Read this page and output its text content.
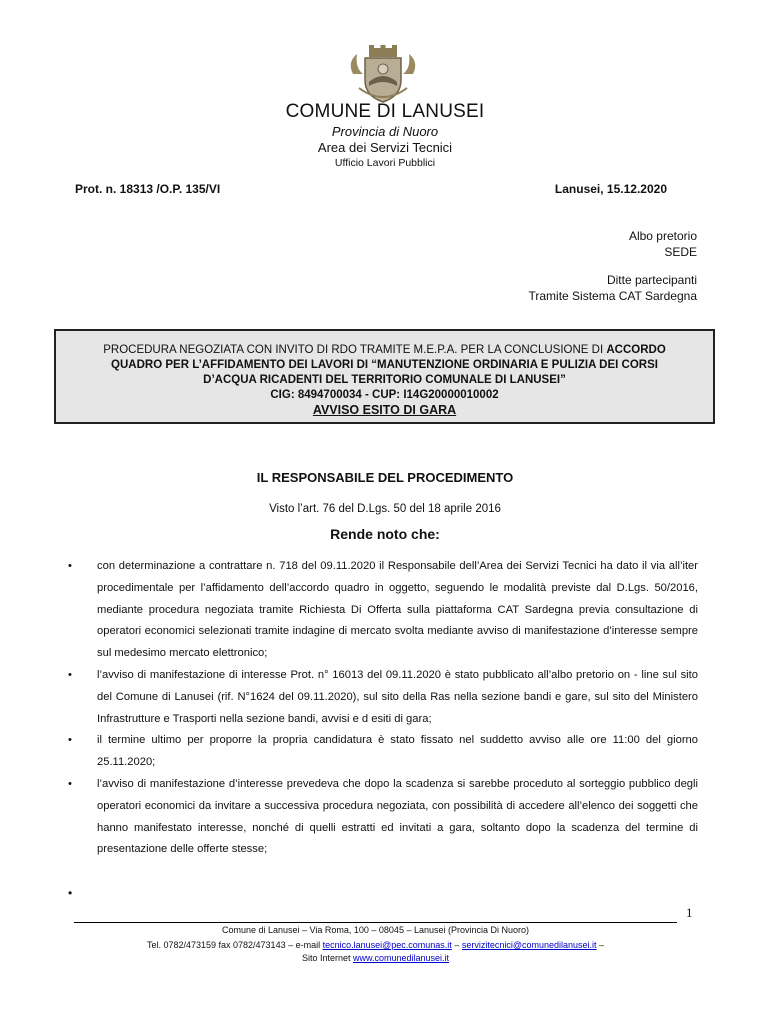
COMUNE DI LANUSEI
Provincia di Nuoro
Area dei Servizi Tecnici
Ufficio Lavori Pubblici
Prot. n. 18313 /O.P. 135/VI	Lanusei, 15.12.2020
Albo pretorio
SEDE
Ditte partecipanti
Tramite Sistema CAT Sardegna
PROCEDURA NEGOZIATA CON INVITO DI RDO TRAMITE M.E.P.A. PER LA CONCLUSIONE DI ACCORDO
QUADRO PER L’AFFIDAMENTO DEI LAVORI DI “MANUTENZIONE ORDINARIA E PULIZIA DEI CORSI
D’ACQUA RICADENTI DEL TERRITORIO COMUNALE DI LANUSEI”
CIG: 8494700034 - CUP: I14G20000010002
AVVISO ESITO DI GARA
IL RESPONSABILE DEL PROCEDIMENTO
Visto l’art. 76 del D.Lgs. 50 del 18 aprile 2016
Rende noto che:
• con determinazione a contrattare n. 718 del 09.11.2020 il Responsabile dell’Area dei Servizi Tecnici ha dato il via all’iter procedimentale per l’affidamento dell’accordo quadro in oggetto, seguendo le modalità previste dal D.Lgs. 50/2016, mediante procedura negoziata tramite Richiesta Di Offerta sulla piattaforma CAT Sardegna previa consultazione di operatori economici selezionati tramite indagine di mercato svolta mediante avviso di manifestazione d’interesse sempre sul medesimo mercato elettronico;
• l’avviso di manifestazione di interesse Prot. n° 16013 del 09.11.2020 è stato pubblicato all’albo pretorio on - line sul sito del Comune di Lanusei (rif. N°1624 del 09.11.2020), sul sito della Ras nella sezione bandi e gare, sul sito del Ministero Infrastrutture e Trasporti nella sezione bandi, avvisi e d esiti di gara;
• il termine ultimo per proporre la propria candidatura è stato fissato nel suddetto avviso alle ore 11:00 del giorno 25.11.2020;
• l’avviso di manifestazione d’interesse prevedeva che dopo la scadenza si sarebbe proceduto al sorteggio pubblico degli operatori economici da invitare a successiva procedura negoziata, con possibilità di accedere all’elenco dei soggetti che hanno manifestato interesse, nonché di quelli estratti ed invitati a gara, soltanto dopo la scadenza del termine di presentazione delle offerte stesse;
•
1
Comune di Lanusei – Via Roma, 100 – 08045 – Lanusei (Provincia Di Nuoro)
Tel. 0782/473159 fax 0782/473143 – e-mail tecnico.lanusei@pec.comunas.it – servizitecnici@comunedilanusei.it –
Sito Internet www.comunedilanusei.it
